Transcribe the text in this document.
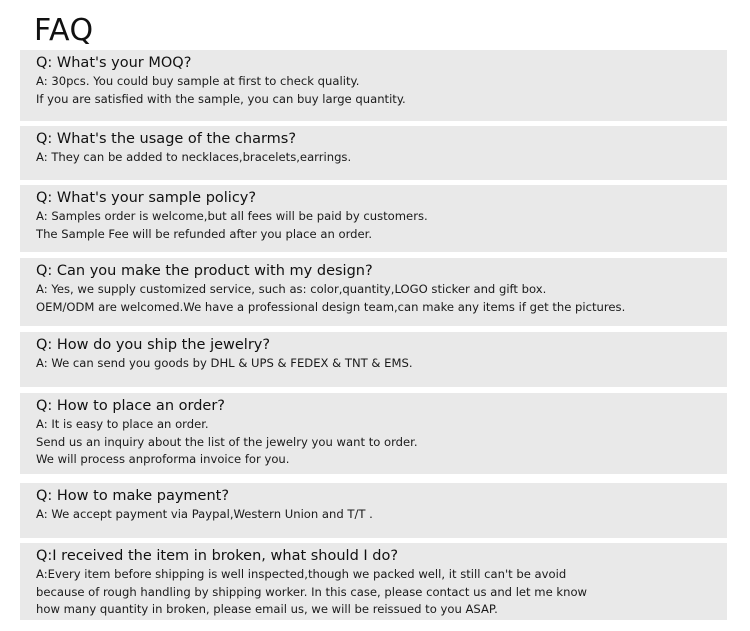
FAQ
Q: What's your MOQ?
A: 30pcs. You could buy sample at first to check quality.
If you are satisfied with the sample, you can buy large quantity.
Q: What's the usage of the charms?
A: They can be added to necklaces,bracelets,earrings.
Q: What's your sample policy?
A: Samples order is welcome,but all fees will be paid by customers.
The Sample Fee will be refunded after you place an order.
Q: Can you make the product with my design?
A: Yes, we supply customized service, such as: color,quantity,LOGO sticker and gift box.
OEM/ODM are welcomed.We have a professional design team,can make any items if get the pictures.
Q: How do you ship the jewelry?
A: We can send you goods by DHL & UPS & FEDEX & TNT & EMS.
Q: How to place an order?
A: It is easy to place an order.
Send us an inquiry about the list of the jewelry you want to order.
We will process anproforma invoice for you.
Q: How to make payment?
A: We accept payment via Paypal,Western Union and T/T .
Q:I received the item in broken, what should I do?
A:Every item before shipping is well inspected,though we packed well, it still can't be avoid
because of rough handling by shipping worker. In this case, please contact us and let me know
how many quantity in broken, please email us, we will be reissued to you ASAP.
